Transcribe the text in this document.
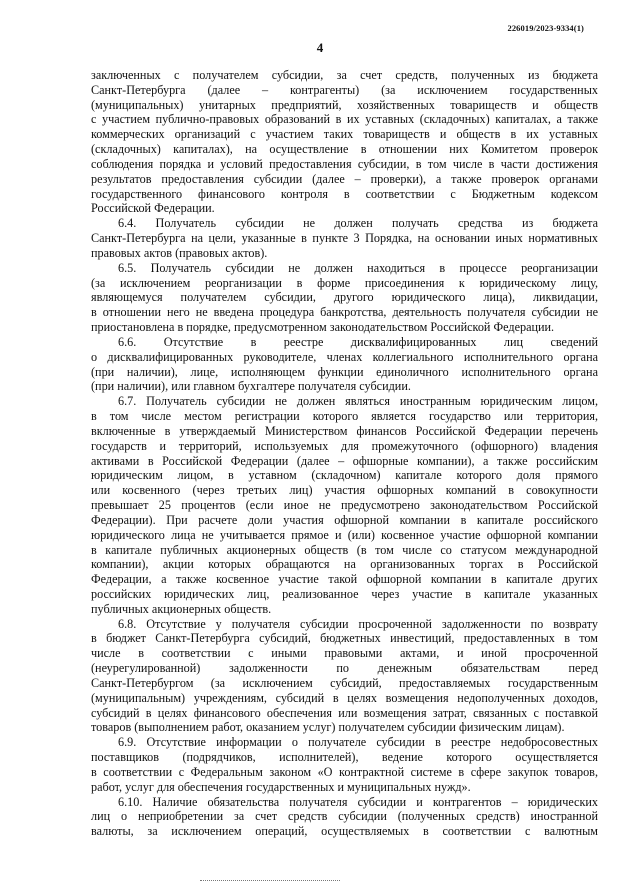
226019/2023-9334(1)
4
заключенных с получателем субсидии, за счет средств, полученных из бюджета
Санкт-Петербурга (далее – контрагенты) (за исключением государственных
(муниципальных) унитарных предприятий, хозяйственных товариществ и обществ
с участием публично-правовых образований в их уставных (складочных) капиталах, а также
коммерческих организаций с участием таких товариществ и обществ в их уставных
(складочных) капиталах), на осуществление в отношении них Комитетом проверок
соблюдения порядка и условий предоставления субсидии, в том числе в части достижения
результатов предоставления субсидии (далее – проверки), а также проверок органами
государственного финансового контроля в соответствии с Бюджетным кодексом
Российской Федерации.
6.4. Получатель субсидии не должен получать средства из бюджета
Санкт-Петербурга на цели, указанные в пункте 3 Порядка, на основании иных нормативных
правовых актов (правовых актов).
6.5. Получатель субсидии не должен находиться в процессе реорганизации
(за исключением реорганизации в форме присоединения к юридическому лицу,
являющемуся получателем субсидии, другого юридического лица), ликвидации,
в отношении него не введена процедура банкротства, деятельность получателя субсидии не
приостановлена в порядке, предусмотренном законодательством Российской Федерации.
6.6. Отсутствие в реестре дисквалифицированных лиц сведений
о дисквалифицированных руководителе, членах коллегиального исполнительного органа
(при наличии), лице, исполняющем функции единоличного исполнительного органа
(при наличии), или главном бухгалтере получателя субсидии.
6.7. Получатель субсидии не должен являться иностранным юридическим лицом,
в том числе местом регистрации которого является государство или территория,
включенные в утверждаемый Министерством финансов Российской Федерации перечень
государств и территорий, используемых для промежуточного (офшорного) владения
активами в Российской Федерации (далее – офшорные компании), а также российским
юридическим лицом, в уставном (складочном) капитале которого доля прямого
или косвенного (через третьих лиц) участия офшорных компаний в совокупности
превышает 25 процентов (если иное не предусмотрено законодательством Российской
Федерации). При расчете доли участия офшорной компании в капитале российского
юридического лица не учитывается прямое и (или) косвенное участие офшорной компании
в капитале публичных акционерных обществ (в том числе со статусом международной
компании), акции которых обращаются на организованных торгах в Российской
Федерации, а также косвенное участие такой офшорной компании в капитале других
российских юридических лиц, реализованное через участие в капитале указанных
публичных акционерных обществ.
6.8. Отсутствие у получателя субсидии просроченной задолженности по возврату
в бюджет Санкт-Петербурга субсидий, бюджетных инвестиций, предоставленных в том
числе в соответствии с иными правовыми актами, и иной просроченной
(неурегулированной) задолженности по денежным обязательствам перед
Санкт-Петербургом (за исключением субсидий, предоставляемых государственным
(муниципальным) учреждениям, субсидий в целях возмещения недополученных доходов,
субсидий в целях финансового обеспечения или возмещения затрат, связанных с поставкой
товаров (выполнением работ, оказанием услуг) получателем субсидии физическим лицам).
6.9. Отсутствие информации о получателе субсидии в реестре недобросовестных
поставщиков (подрядчиков, исполнителей), ведение которого осуществляется
в соответствии с Федеральным законом «О контрактной системе в сфере закупок товаров,
работ, услуг для обеспечения государственных и муниципальных нужд».
6.10. Наличие обязательства получателя субсидии и контрагентов – юридических
лиц о неприобретении за счет средств субсидии (полученных средств) иностранной
валюты, за исключением операций, осуществляемых в соответствии с валютным
